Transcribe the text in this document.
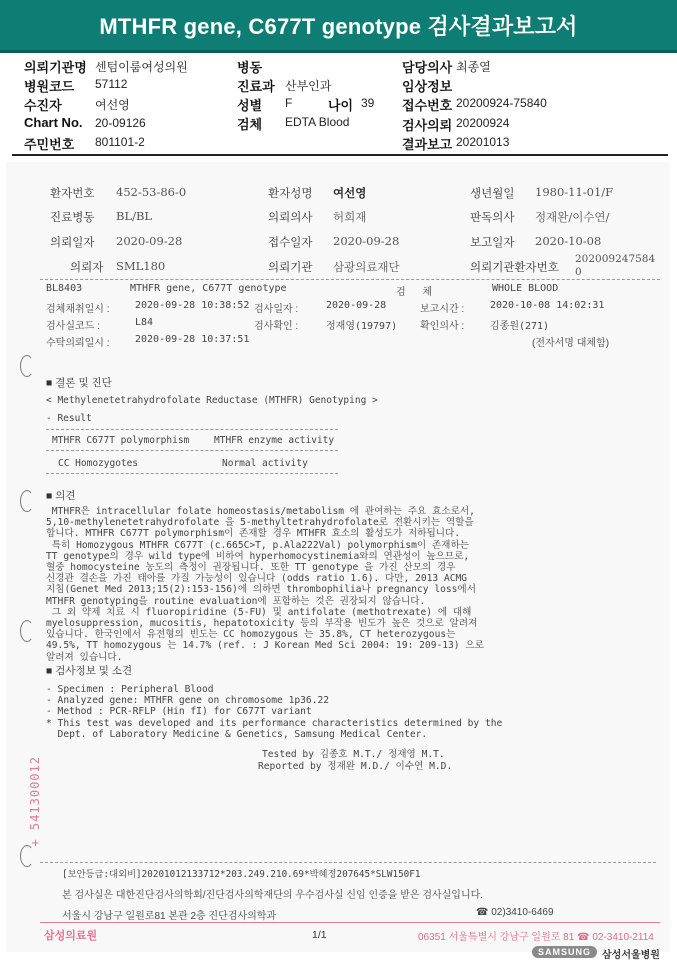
MTHFR gene, C677T genotype 검사결과보고서
의뢰기관명 센텀이룸여성의원	병동	담당의사 최종열
병원코드 57112	진료과 산부인과	임상정보
수진자	여선영	성별 F	나이 39 접수번호 20200924-75840
Chart No. 20-09126	검체 EDTA Blood	검사의뢰 20200924
주민번호 801101-2	결과보고 20201013
환자번호 452-53-86-0	환자성명 여선영	생년월일 1980-11-01/F
진료병동 BL/BL	의뢰의사 허희재	판독의사 정재완/이수연/
의뢰일자 2020-09-28	접수일자 2020-09-28	보고일자 2020-10-08
의뢰자 SML180	의뢰기관 삼광의료재단	의뢰기관환자번호
202009247584
0
BL8403	MTHFR gene, C677T genotype	검      체	WHOLE BLOOD
검체채취일시 :	2020-09-28 10:38:52 검사일자 :	2020-09-28	보고시간 :	2020-10-08 14:02:31
검사실코드 :	L84	검사확인 :	정재영(19797) 확인의사 :	김종원(271)
수탁의뢰일시 :	2020-09-28 10:37:51	(전자서명 대체함)
■ 결론 및 진단
< Methylenetetrahydrofolate Reductase (MTHFR) Genotyping >
- Result
MTHFR C677T polymorphism	MTHFR enzyme activity
CC Homozygotes	Normal activity
■ 의견
MTHFR은 intracellular folate homeostasis/metabolism 에 관여하는 주요 효소로서,
5,10-methylenetetrahydrofolate 을 5-methyltetrahydrofolate로 전환시키는 역할을
합니다. MTHFR C677T polymorphism이 존재할 경우 MTHFR 효소의 활성도가 저하됩니다.
특히 Homozygous MTHFR C677T (c.665C>T, p.Ala222Val) polymorphism이 존재하는
TT genotype의 경우 wild type에 비하여 hyperhomocystinemia와의 연관성이 높으므로,
혈중 homocysteine 농도의 측정이 권장됩니다. 또한 TT genotype 을 가진 산모의 경우
신경관 결손을 가진 태아를 가질 가능성이 있습니다 (odds ratio 1.6). 다만, 2013 ACMG
지침(Genet Med 2013;15(2):153-156)에 의하면 thrombophilia나 pregnancy loss에서
MTHFR genotyping을 routine evaluation에 포함하는 것은 권장되지 않습니다.
그 외 약제 치료 시 fluoropiridine (5-FU) 및 antifolate (methotrexate) 에 대해
myelosuppression, mucositis, hepatotoxicity 등의 부작용 빈도가 높은 것으로 알려져
있습니다. 한국인에서 유전형의 빈도는 CC homozygous 는 35.8%, CT heterozygous는
49.5%, TT homozygous 는 14.7% (ref. : J Korean Med Sci 2004: 19: 209-13) 으로
알려져 있습니다.
■ 검사정보 및 소견
- Specimen : Peripheral Blood
- Analyzed gene: MTHFR gene on chromosome 1p36.22
- Method : PCR-RFLP (Hin fI) for C677T variant
* This test was developed and its performance characteristics determined by the
Dept. of Laboratory Medicine & Genetics, Samsung Medical Center.
Tested by 김종호 M.T./ 정재영 M.T.
Reported by 정재완 M.D./ 이수연 M.D.
+ 541300012
[보안등급:대외비]20201012133712*203.249.210.69*박혜정207645*SLW150F1
본 검사실은 대한진단검사의학회/진단검사의학재단의 우수검사실 신임 인증을 받은 검사실입니다.
서울시 강남구 일원로81 본관 2층 진단검사의학과	☎ 02)3410-6469
삼성의료원	1/1	06351 서울특별시 강남구 일원로 81 ☎ 02-3410-2114
SAMSUNG	삼성서울병원
